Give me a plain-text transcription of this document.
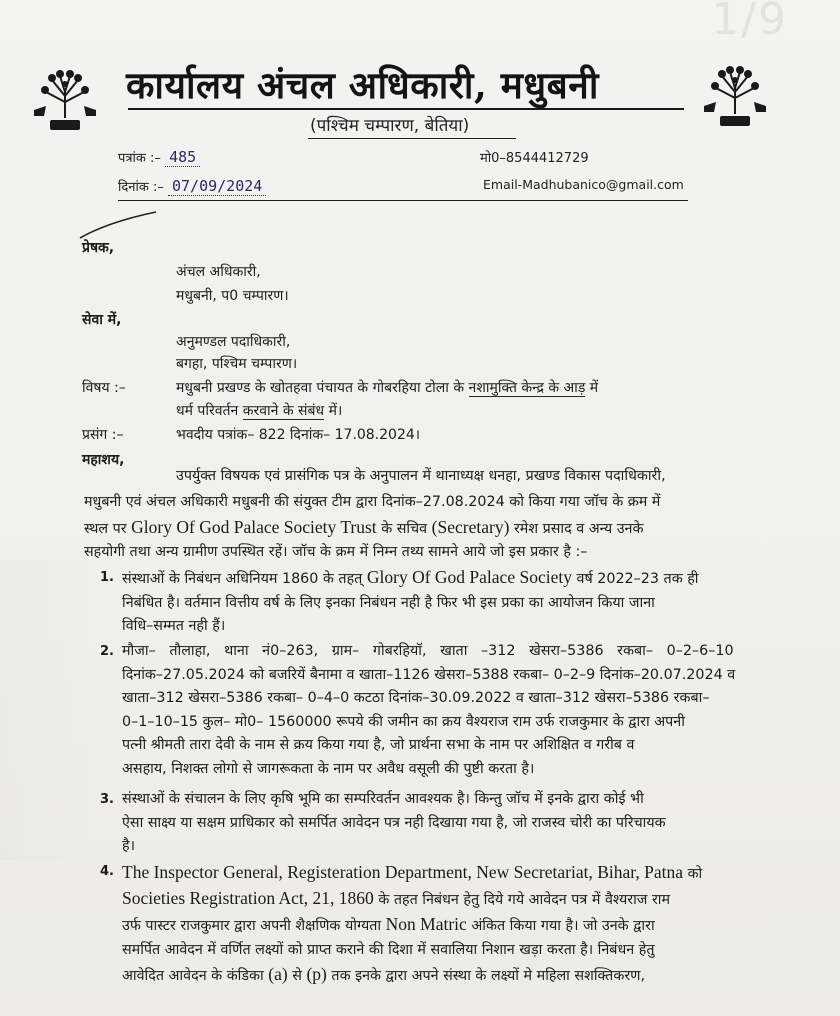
1/9
कार्यालय अंचल अधिकारी, मधुबनी
(पश्चिम चम्पारण, बेतिया)
पत्रांक :– 485	मो0–8544412729
दिनांक :– 07/09/2024	Email-Madhubanico@gmail.com
प्रेषक,
अंचल अधिकारी,
मधुबनी, प0 चम्पारण।
सेवा में,
अनुमण्डल पदाधिकारी,
बगहा, पश्चिम चम्पारण।
विषय :–	मधुबनी प्रखण्ड के खोतहवा पंचायत के गोबरहिया टोला के नशामुक्ति केन्द्र के आड़ में
धर्म परिवर्तन करवाने के संबंध में।
प्रसंग :–	भवदीय पत्रांक– 822 दिनांक– 17.08.2024।
महाशय,
उपर्युक्त विषयक एवं प्रासंगिक पत्र के अनुपालन में थानाध्यक्ष धनहा, प्रखण्ड विकास पदाधिकारी,
मधुबनी एवं अंचल अधिकारी मधुबनी की संयुक्त टीम द्वारा दिनांक–27.08.2024 को किया गया जॉच के क्रम में
स्थल पर Glory Of God Palace Society Trust के सचिव (Secretary) रमेश प्रसाद व अन्य उनके
सहयोगी तथा अन्य ग्रामीण उपस्थित रहें। जॉच के क्रम में निम्न तथ्य सामने आये जो इस प्रकार है :–
1. संस्थाओं के निबंधन अधिनियम 1860 के तहत् Glory Of God Palace Society वर्ष 2022–23 तक ही
निबंधित है। वर्तमान वित्तीय वर्ष के लिए इनका निबंधन नही है फिर भी इस प्रका का आयोजन किया जाना
विधि–सम्मत नही हैं।
2. मौजा–   तौलाहा,   थाना   नं0–263,   ग्राम–   गोबरहियॉ,   खाता   –312   खेसरा–5386   रकबा–   0–2–6–10
दिनांक–27.05.2024 को बजरियें बैनामा व खाता–1126 खेसरा–5388 रकबा– 0–2–9 दिनांक–20.07.2024 व
खाता–312 खेसरा–5386 रकबा– 0–4–0 कटठा दिनांक–30.09.2022 व खाता–312 खेसरा–5386 रकबा–
0–1–10–15 कुल– मो0– 1560000 रूपये की जमीन का क्रय वैश्यराज राम उर्फ राजकुमार के द्वारा अपनी
पत्नी श्रीमती तारा देवी के नाम से क्रय किया गया है, जो प्रार्थना सभा के नाम पर अशिक्षित व गरीब व
असहाय, निशक्त लोगो से जागरूकता के नाम पर अवैध वसूली की पुष्टी करता है।
3. संस्थाओं के संचालन के लिए कृषि भूमि का सम्परिवर्तन आवश्यक है। किन्तु जॉच में इनके द्वारा कोई भी
ऐसा साक्ष्य या सक्षम प्राधिकार को समर्पित आवेदन पत्र नही दिखाया गया है, जो राजस्व चोरी का परिचायक
है।
4. The Inspector General, Registeration Department, New Secretariat, Bihar, Patna को
Societies Registration Act, 21, 1860 के तहत निबंधन हेतु दिये गये आवेदन पत्र में वैश्यराज राम
उर्फ पास्टर राजकुमार द्वारा अपनी शैक्षणिक योग्यता Non Matric अंकित किया गया है। जो उनके द्वारा
समर्पित आवेदन में वर्णित लक्ष्यों को प्राप्त कराने की दिशा में सवालिया निशान खड़ा करता है। निबंधन हेतु
आवेदित आवेदन के कंडिका (a) से (p) तक इनके द्वारा अपने संस्था के लक्ष्यों मे महिला सशक्तिकरण,
